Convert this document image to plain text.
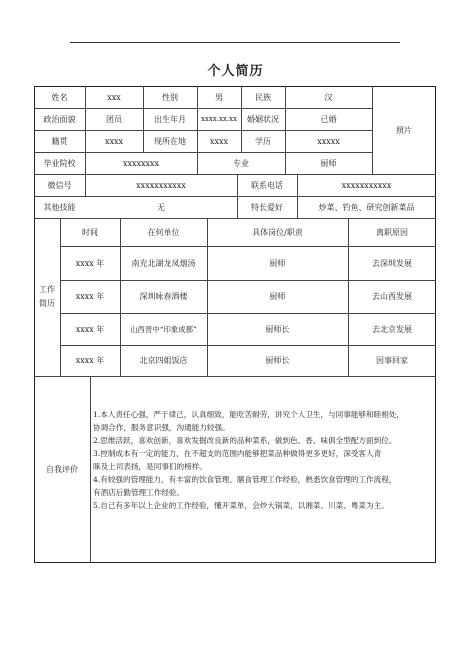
个人简历
姓名	xxx	性别	男	民族	汉
照片
政治面貌	团员	出生年月	xxxx.xx.xx	婚姻状况	已婚
籍贯	xxxx	现所在地	xxxx	学历	xxxxx
毕业院校	xxxxxxxx	专业	厨师
微信号	xxxxxxxxxxx	联系电话	xxxxxxxxxxx
其他技能	无	特长爱好	炒菜、钓鱼、研究创新菜品
工作
简历
时间	在何单位	具体岗位/职责	离职原因
xxxx 年	南充北湖龙凤烟汤	厨师	去深圳发展
xxxx 年	深圳咏春酒楼	厨师	去山西发展
xxxx 年	山西晋中“印象成都”	厨师长	去北京发展
xxxx 年	北京四姐饭店	厨师长	因事回家
自我评价

1.本人责任心强，严于律己，认真细致，能吃苦耐劳，讲究个人卫生，与同事能够和睦相处，

协调合作，服务意识强，沟通能力较强。

2.思维活跃，喜欢创新，喜欢发掘改良新的品种菜系，做到色、香、味俱全型配方面到位。

3.控制成本有一定的能力，在不超支的范围内能够把菜品种做得更多更好，深受客人青

睐及上司表扬，是同事们的榜样。

4.有较强的管理能力，有丰富的饮食管理、膳食管理工作经验，熟悉饮食管理的工作流程，

有酒店后勤管理工作经验。

5.自己有多年以上企业的工作经验，懂开菜单，会炒大锅菜，以湘菜、川菜、粤菜为主。
